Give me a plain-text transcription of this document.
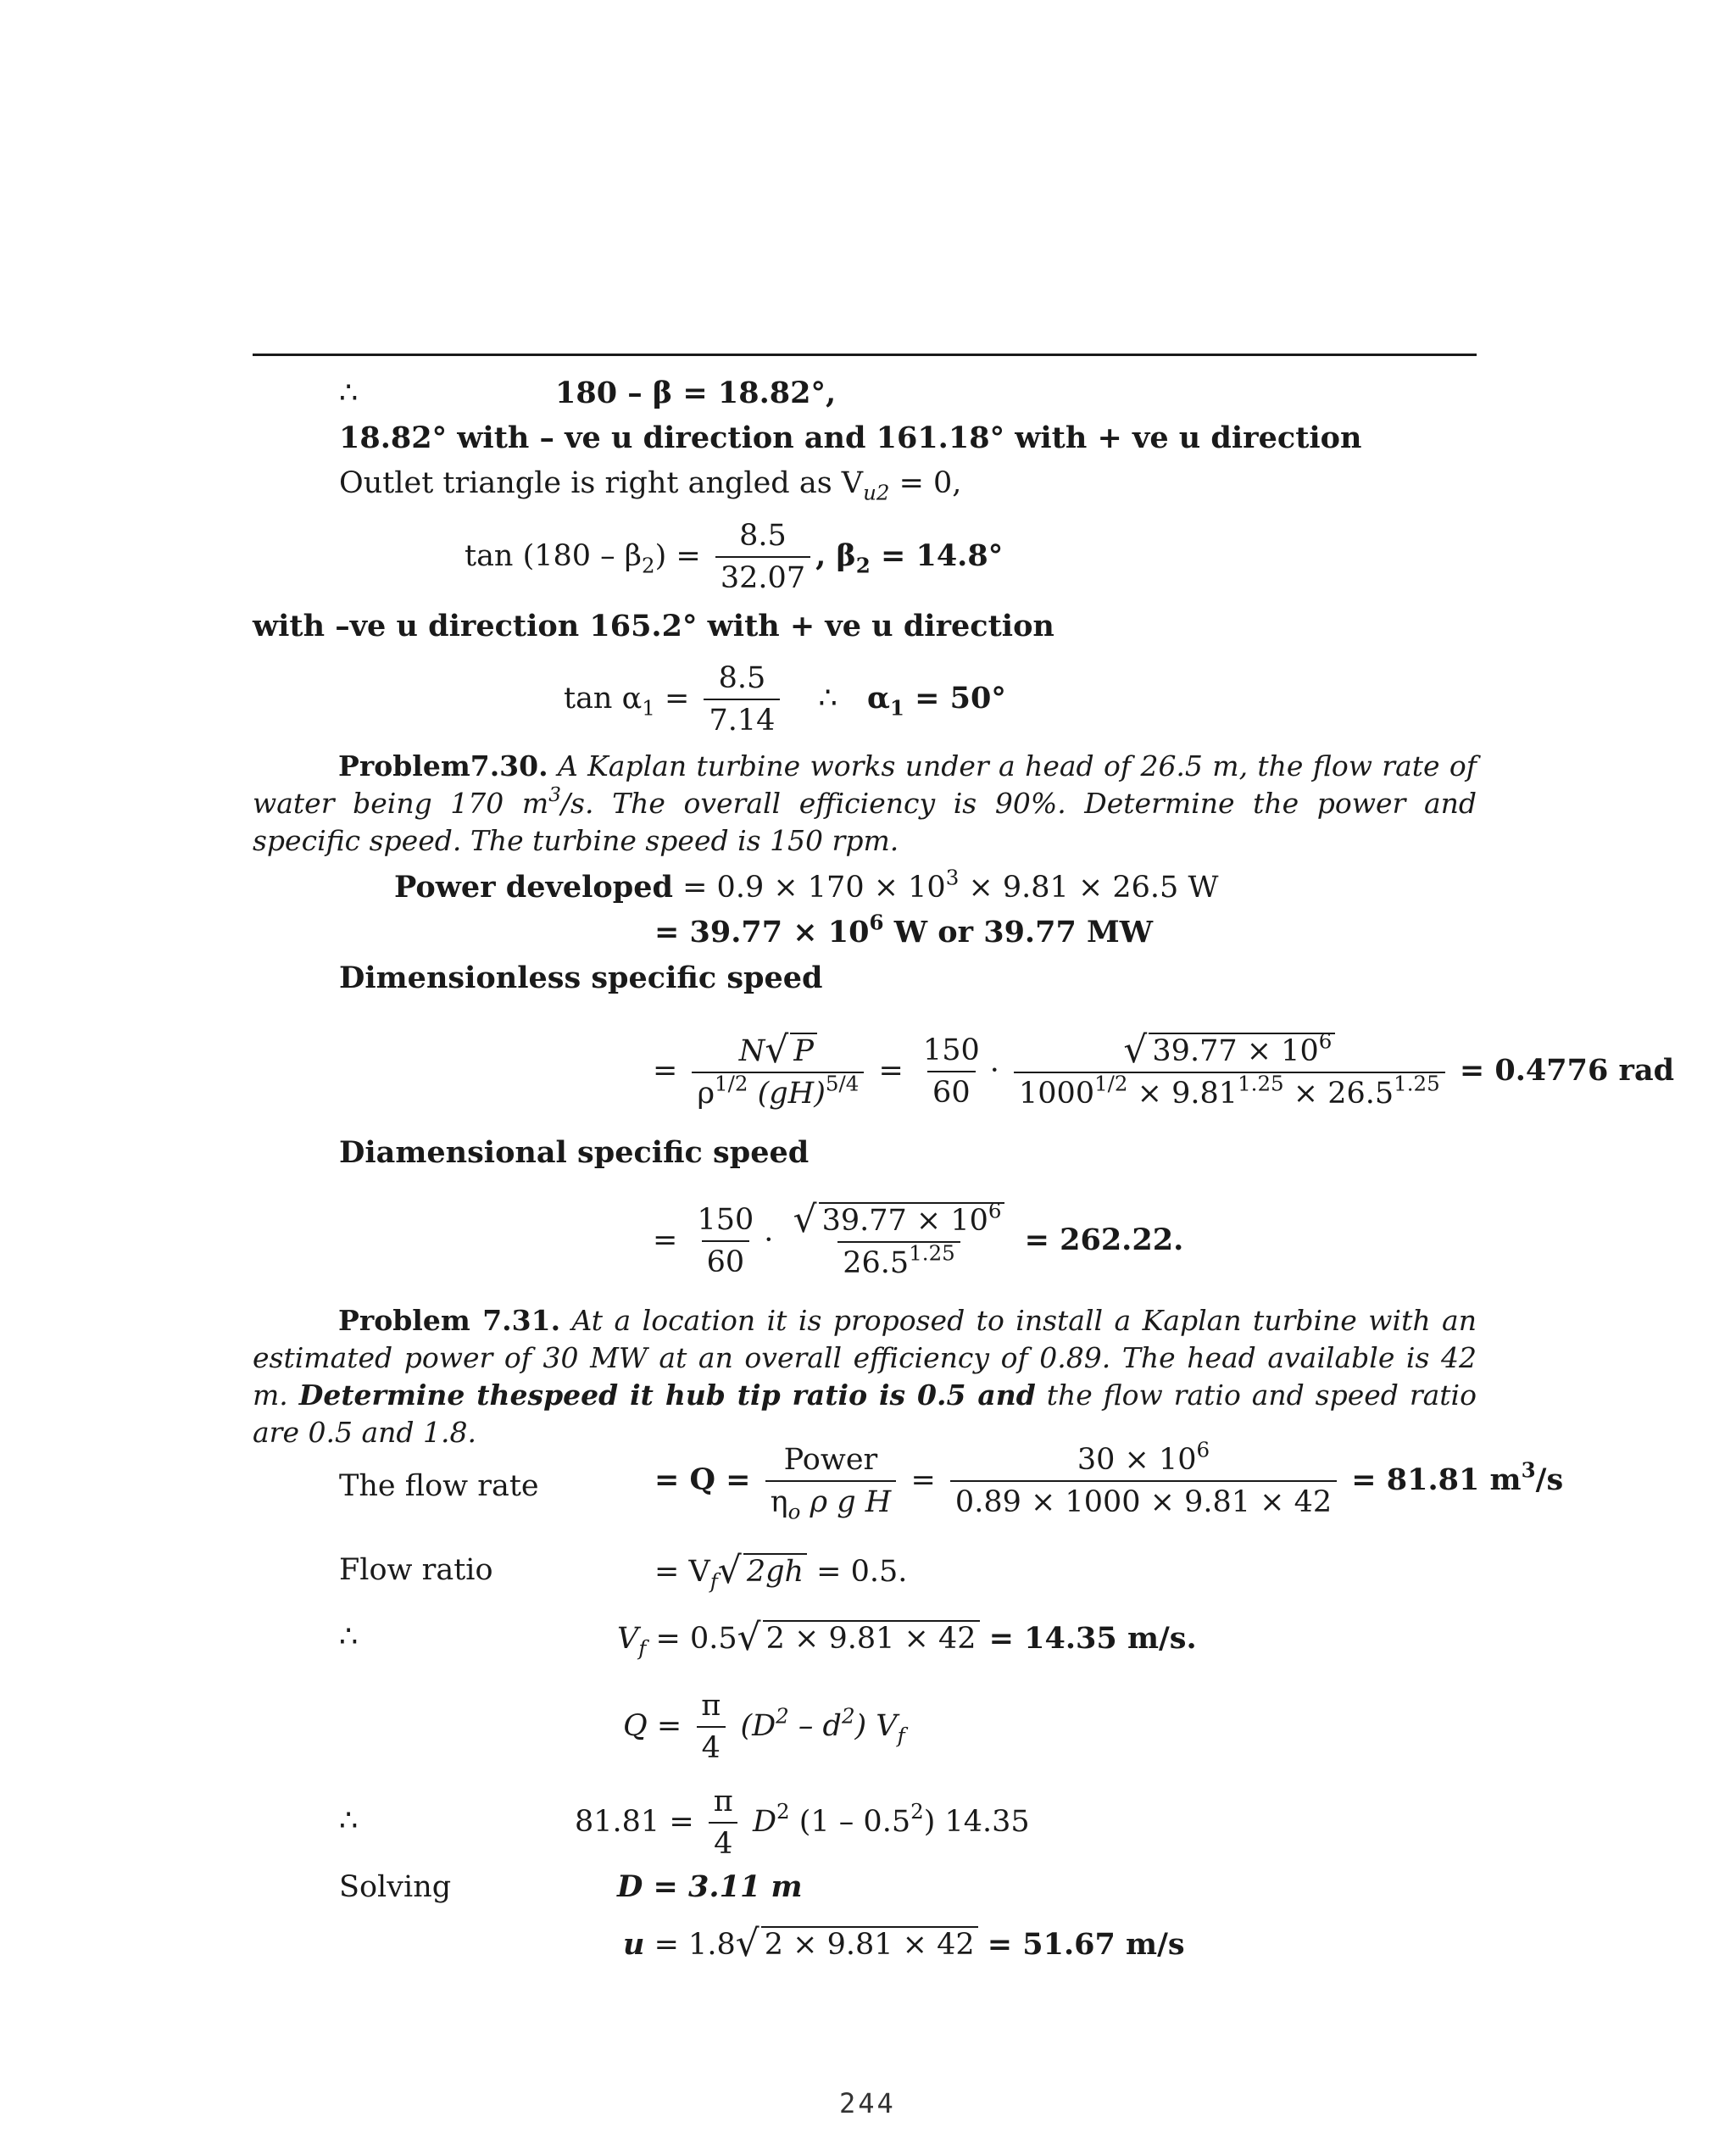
∴	180 – β = 18.82°,
18.82° with – ve u direction and 161.18° with + ve u direction
Outlet triangle is right angled as $V_{u2} = 0$,
$\tan (180 - \beta_2) = \frac{8.5}{32.07}$ , $\beta_2 = 14.8^\circ$
with –ve u direction 165.2° with + ve u direction
$\tan \alpha_1 = \frac{8.5}{7.14}$ ∴ $\alpha_1 = 50^\circ$
Problem7.30. A Kaplan turbine works under a head of 26.5 m, the flow rate of water being 170 $m^3/s$. The overall efficiency is 90%. Determine the power and specific speed. The turbine speed is 150 rpm.
Power developed = $0.9 \times 170 \times 10^3 \times 9.81 \times 26.5$ W
= $39.77 \times 10^6$ W or 39.77 MW
Dimensionless specific speed
= $\frac{N√ P}{\rho^{1/2} (gH)^{5/4}} = \frac{150}{60}$ ·
√ $\frac{39.77 \times 10^6}{1000^{1/2} \times 9.81^{1.25} \times 26.5^{1.25}} = 0.4776$ rad
Diamensional specific speed
= $\frac{150}{60}$ ·
√ $\frac{39.77 \times 10^6}{26.5^{1.25}} = 262.22$.
Problem 7.31. At a location it is proposed to install a Kaplan turbine with an estimated power of 30 MW at an overall efficiency of 0.89. The head available is 42 m. Determine thespeed it hub tip ratio is 0.5 and the flow ratio and speed ratio are 0.5 and 1.8.
The flow rate	= $Q = \frac{\text{Power}}{\eta_o \rho g H} = \frac{30 \times 10^6}{0.89 \times 1000 \times 9.81 \times 42} = 81.81$ $m^3/s$
Flow ratio	= $V_f√$ 2gh = 0.5.
∴	$V_f = 0.5√$ 2 × 9.81 × 42 = 14.35 m/s.
$Q = \frac{\pi}{4} (D^2 - d^2)$ $V_f$
∴	$81.81 = \frac{\pi}{4} D^2$ $(1 - 0.5^2)$ 14.35
Solving	D = 3.11 m
u = 1.8√ 2 × 9.81 × 42 = 51.67 m/s
244
